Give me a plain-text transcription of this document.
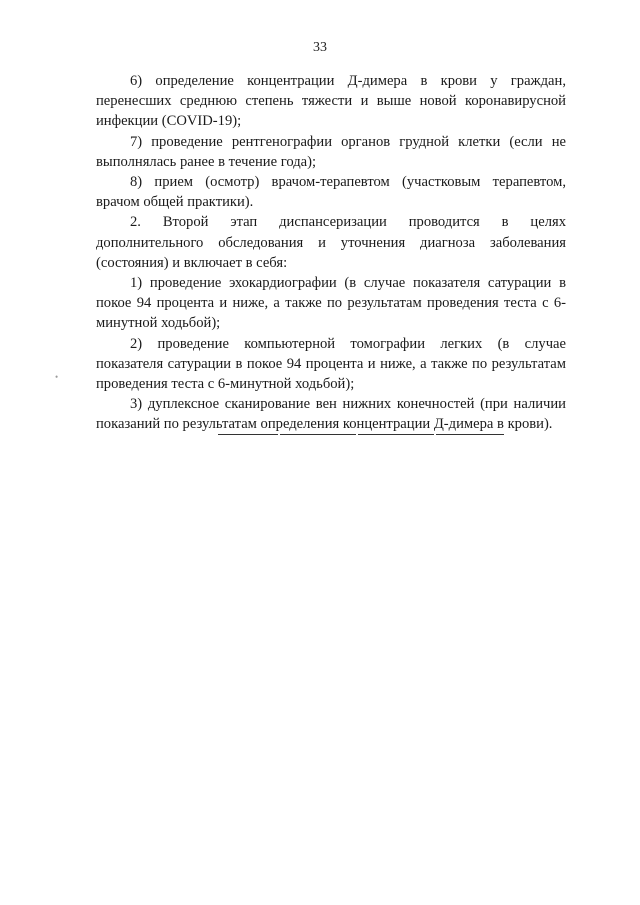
33

6) определение концентрации Д-димера в крови у граждан, перенесших среднюю степень тяжести и выше новой коронавирусной инфекции (COVID-19);

7) проведение рентгенографии органов грудной клетки (если не выполнялась ранее в течение года);

8) прием (осмотр) врачом-терапевтом (участковым терапевтом, врачом общей практики).

2. Второй этап диспансеризации проводится в целях дополнительного обследования и уточнения диагноза заболевания (состояния) и включает в себя:

1) проведение эхокардиографии (в случае показателя сатурации в покое 94 процента и ниже, а также по результатам проведения теста с 6-минутной ходьбой);

2) проведение компьютерной томографии легких (в случае показателя сатурации в покое 94 процента и ниже, а также по результатам проведения теста с 6-минутной ходьбой);

3) дуплексное сканирование вен нижних конечностей (при наличии показаний по результатам определения концентрации Д-димера в крови).

•
